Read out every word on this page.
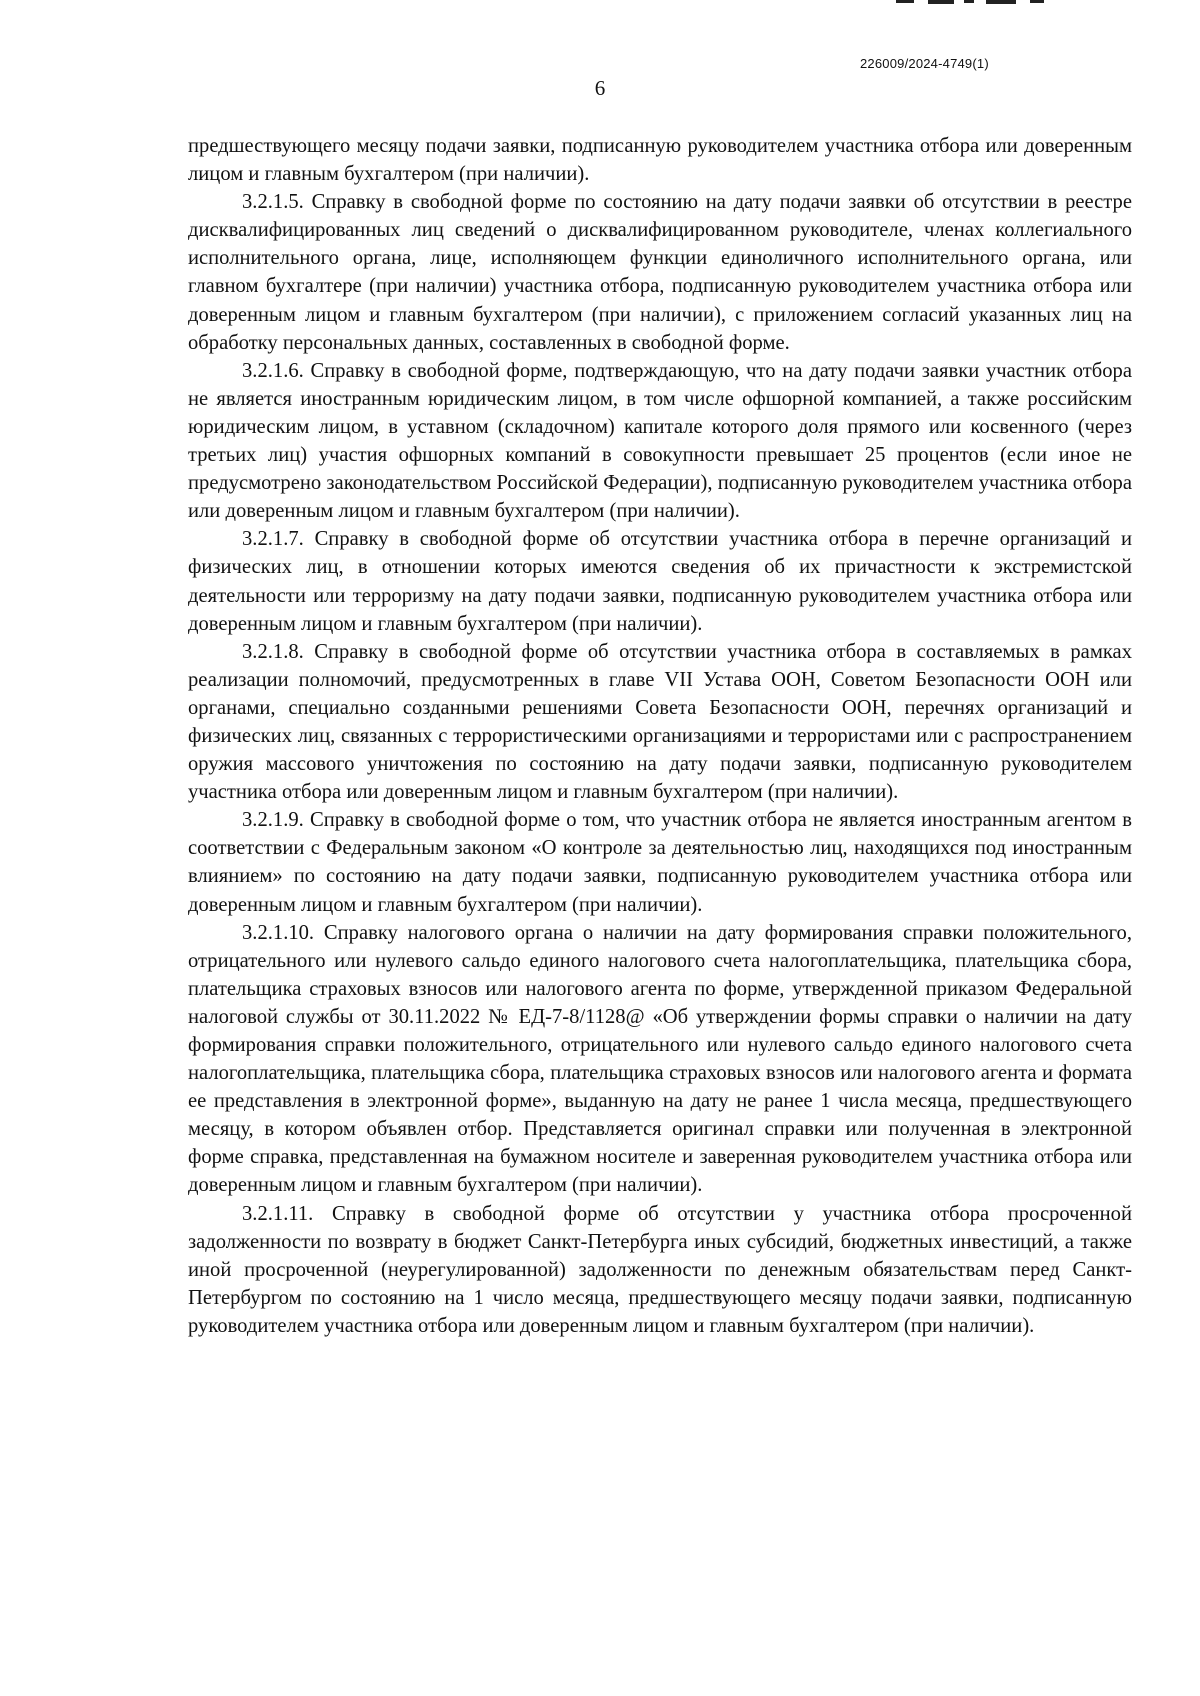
226009/2024-4749(1)
6

предшествующего месяцу подачи заявки, подписанную руководителем участника отбора или доверенным лицом и главным бухгалтером (при наличии).

3.2.1.5. Справку в свободной форме по состоянию на дату подачи заявки об отсутствии в реестре дисквалифицированных лиц сведений о дисквалифицированном руководителе, членах коллегиального исполнительного органа, лице, исполняющем функции единоличного исполнительного органа, или главном бухгалтере (при наличии) участника отбора, подписанную руководителем участника отбора или доверенным лицом и главным бухгалтером (при наличии), с приложением согласий указанных лиц на обработку персональных данных, составленных в свободной форме.

3.2.1.6. Справку в свободной форме, подтверждающую, что на дату подачи заявки участник отбора не является иностранным юридическим лицом, в том числе офшорной компанией, а также российским юридическим лицом, в уставном (складочном) капитале которого доля прямого или косвенного (через третьих лиц) участия офшорных компаний в совокупности превышает 25 процентов (если иное не предусмотрено законодательством Российской Федерации), подписанную руководителем участника отбора или доверенным лицом и главным бухгалтером (при наличии).

3.2.1.7. Справку в свободной форме об отсутствии участника отбора в перечне организаций и физических лиц, в отношении которых имеются сведения об их причастности к экстремистской деятельности или терроризму на дату подачи заявки, подписанную руководителем участника отбора или доверенным лицом и главным бухгалтером (при наличии).

3.2.1.8. Справку в свободной форме об отсутствии участника отбора в составляемых в рамках реализации полномочий, предусмотренных в главе VII Устава ООН, Советом Безопасности ООН или органами, специально созданными решениями Совета Безопасности ООН, перечнях организаций и физических лиц, связанных с террористическими организациями и террористами или с распространением оружия массового уничтожения по состоянию на дату подачи заявки, подписанную руководителем участника отбора или доверенным лицом и главным бухгалтером (при наличии).

3.2.1.9. Справку в свободной форме о том, что участник отбора не является иностранным агентом в соответствии с Федеральным законом «О контроле за деятельностью лиц, находящихся под иностранным влиянием» по состоянию на дату подачи заявки, подписанную руководителем участника отбора или доверенным лицом и главным бухгалтером (при наличии).

3.2.1.10. Справку налогового органа о наличии на дату формирования справки положительного, отрицательного или нулевого сальдо единого налогового счета налогоплательщика, плательщика сбора, плательщика страховых взносов или налогового агента по форме, утвержденной приказом Федеральной налоговой службы от 30.11.2022 № ЕД-7-8/1128@ «Об утверждении формы справки о наличии на дату формирования справки положительного, отрицательного или нулевого сальдо единого налогового счета налогоплательщика, плательщика сбора, плательщика страховых взносов или налогового агента и формата ее представления в электронной форме», выданную на дату не ранее 1 числа месяца, предшествующего месяцу, в котором объявлен отбор. Представляется оригинал справки или полученная в электронной форме справка, представленная на бумажном носителе и заверенная руководителем участника отбора или доверенным лицом и главным бухгалтером (при наличии).

3.2.1.11. Справку в свободной форме об отсутствии у участника отбора просроченной задолженности по возврату в бюджет Санкт-Петербурга иных субсидий, бюджетных инвестиций, а также иной просроченной (неурегулированной) задолженности по денежным обязательствам перед Санкт-Петербургом по состоянию на 1 число месяца, предшествующего месяцу подачи заявки, подписанную руководителем участника отбора или доверенным лицом и главным бухгалтером (при наличии).
